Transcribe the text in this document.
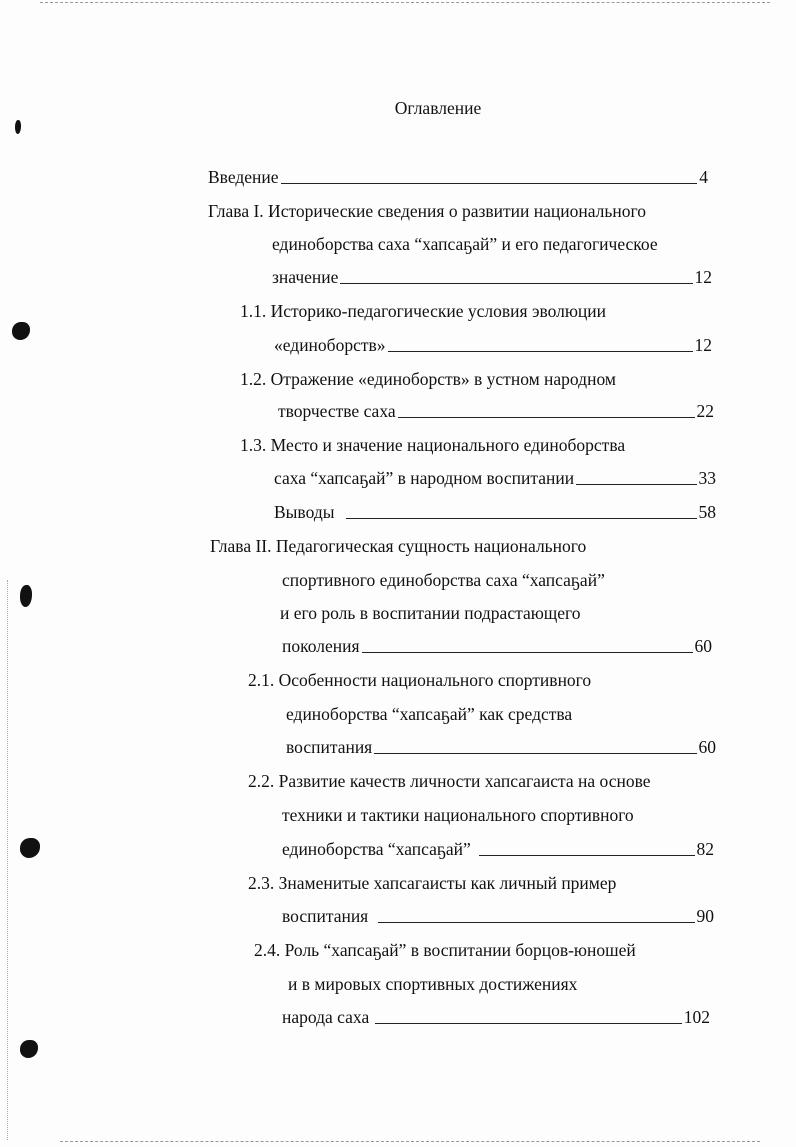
Оглавление
Введение	4
Глава I. Исторические сведения о развитии национального
единоборства саха “хапсаҕай” и его педагогическое
значение	12
1.1. Историко-педагогические условия эволюции
«единоборств»	12
1.2. Отражение «единоборств» в устном народном
творчестве саха	22
1.3. Место и значение национального единоборства
саха “хапсаҕай” в народном воспитании	33
Выводы	58
Глава II. Педагогическая сущность национального
спортивного единоборства саха “хапсаҕай”
и его роль в воспитании подрастающего
поколения	60
2.1. Особенности национального спортивного
единоборства “хапсаҕай” как средства
воспитания	60
2.2. Развитие качеств личности хапсагаиста на основе
техники и тактики национального спортивного
единоборства “хапсаҕай”	82
2.3. Знаменитые хапсагаисты как личный пример
воспитания	90
2.4. Роль “хапсаҕай” в воспитании борцов-юношей
и в мировых спортивных достижениях
народа саха	102
